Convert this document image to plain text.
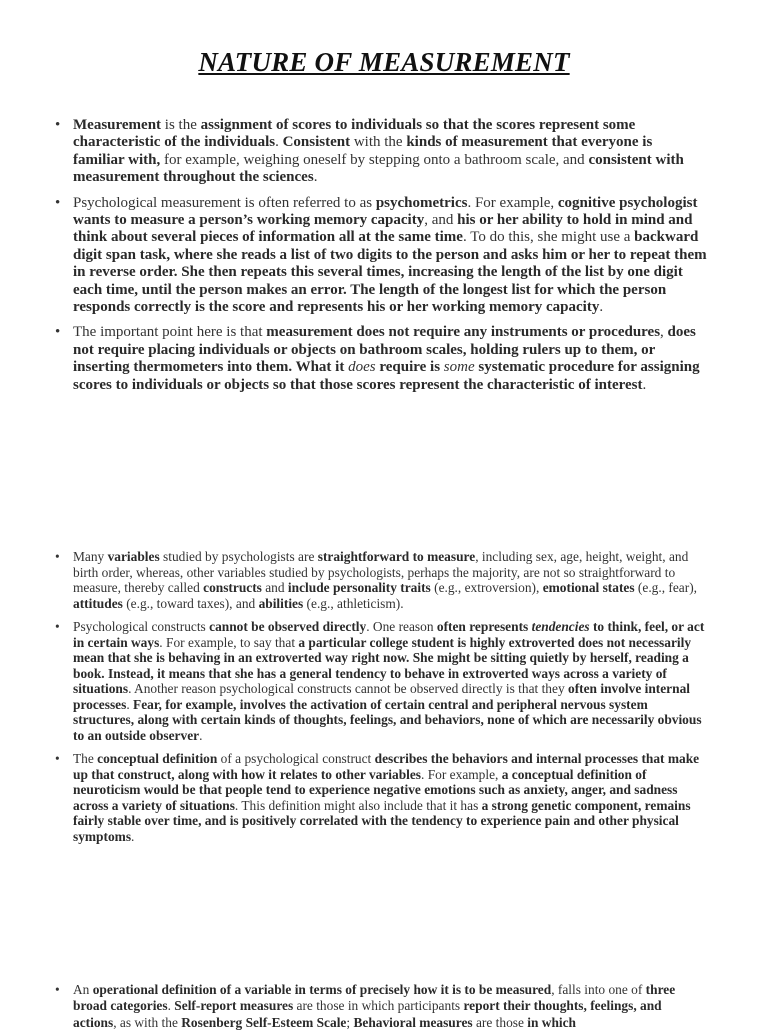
NATURE OF MEASUREMENT
• Measurement is the assignment of scores to individuals so that the scores represent some characteristic of the individuals. Consistent with the kinds of measurement that everyone is familiar with, for example, weighing oneself by stepping onto a bathroom scale, and consistent with measurement throughout the sciences.
• Psychological measurement is often referred to as psychometrics. For example, cognitive psychologist wants to measure a person’s working memory capacity, and his or her ability to hold in mind and think about several pieces of information all at the same time. To do this, she might use a backward digit span task, where she reads a list of two digits to the person and asks him or her to repeat them in reverse order. She then repeats this several times, increasing the length of the list by one digit each time, until the person makes an error. The length of the longest list for which the person responds correctly is the score and represents his or her working memory capacity.
• The important point here is that measurement does not require any instruments or procedures, does not require placing individuals or objects on bathroom scales, holding rulers up to them, or inserting thermometers into them. What it does require is some systematic procedure for assigning scores to individuals or objects so that those scores represent the characteristic of interest.
• Many variables studied by psychologists are straightforward to measure, including sex, age, height, weight, and birth order, whereas, other variables studied by psychologists, perhaps the majority, are not so straightforward to measure, thereby called constructs and include personality traits (e.g., extroversion), emotional states (e.g., fear), attitudes (e.g., toward taxes), and abilities (e.g., athleticism).
• Psychological constructs cannot be observed directly. One reason often represents tendencies to think, feel, or act in certain ways. For example, to say that a particular college student is highly extroverted does not necessarily mean that she is behaving in an extroverted way right now. She might be sitting quietly by herself, reading a book. Instead, it means that she has a general tendency to behave in extroverted ways across a variety of situations. Another reason psychological constructs cannot be observed directly is that they often involve internal processes. Fear, for example, involves the activation of certain central and peripheral nervous system structures, along with certain kinds of thoughts, feelings, and behaviors, none of which are necessarily obvious to an outside observer.
• The conceptual definition of a psychological construct describes the behaviors and internal processes that make up that construct, along with how it relates to other variables. For example, a conceptual definition of neuroticism would be that people tend to experience negative emotions such as anxiety, anger, and sadness across a variety of situations. This definition might also include that it has a strong genetic component, remains fairly stable over time, and is positively correlated with the tendency to experience pain and other physical symptoms.
• An operational definition of a variable in terms of precisely how it is to be measured, falls into one of three broad categories. Self-report measures are those in which participants report their thoughts, feelings, and actions, as with the Rosenberg Self-Esteem Scale; Behavioral measures are those in which
